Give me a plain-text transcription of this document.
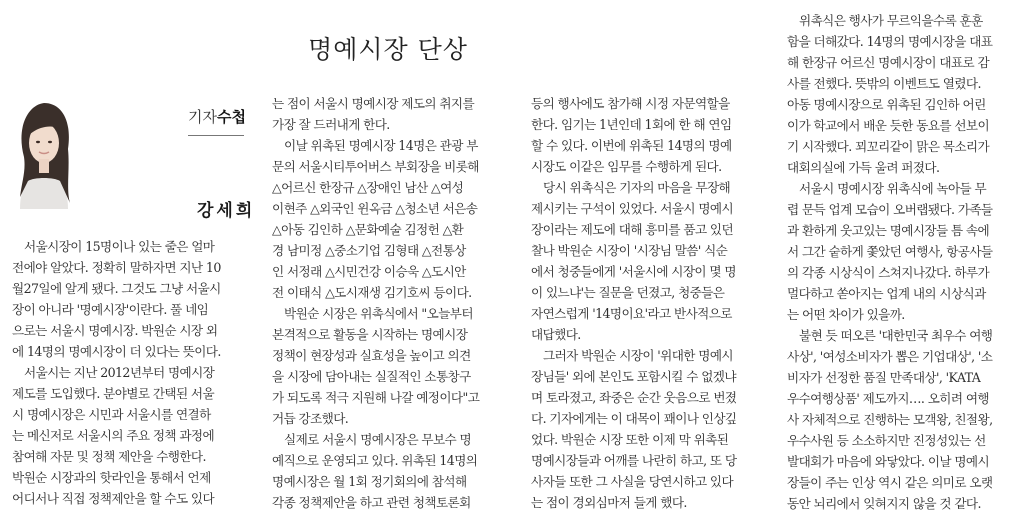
명예시장 단상
기자수첩
강세희
서울시장이 15명이나 있는 줄은 얼마
전에야 알았다. 정확히 말하자면 지난 10
월27일에 알게 됐다. 그것도 그냥 서울시
장이 아니라 '명예시장'이란다. 풀 네임
으로는 서울시 명예시장. 박원순 시장 외
에 14명의 명예시장이 더 있다는 뜻이다.
서울시는 지난 2012년부터 명예시장
제도를 도입했다. 분야별로 간택된 서울
시 명예시장은 시민과 서울시를 연결하
는 메신저로 서울시의 주요 정책 과정에
참여해 자문 및 정책 제안을 수행한다.
박원순 시장과의 핫라인을 통해서 언제
어디서나 직접 정책제안을 할 수도 있다
는 점이 서울시 명예시장 제도의 취지를
가장 잘 드러내게 한다.
이날 위촉된 명예시장 14명은 관광 부
문의 서울시티투어버스 부회장을 비롯해
△어르신 한장규 △장애인 남산 △여성
이현주 △외국인 윈옥금 △청소년 서은송
△아동 김인하 △문화예술 김정헌 △환
경 남미정 △중소기업 김형태 △전통상
인 서정래 △시민건강 이승욱 △도시안
전 이태식 △도시재생 김기호씨 등이다.
박원순 시장은 위촉식에서 "오늘부터
본격적으로 활동을 시작하는 명예시장
정책이 현장성과 실효성을 높이고 의견
을 시장에 담아내는 실질적인 소통창구
가 되도록 적극 지원해 나갈 예정이다"고
거듭 강조했다.
실제로 서울시 명예시장은 무보수 명
예직으로 운영되고 있다. 위촉된 14명의
명예시장은 월 1회 정기회의에 참석해
각종 정책제안을 하고 관련 청책토론회
등의 행사에도 참가해 시정 자문역할을
한다. 임기는 1년인데 1회에 한 해 연임
할 수 있다. 이번에 위촉된 14명의 명예
시장도 이같은 임무를 수행하게 된다.
당시 위촉식은 기자의 마음을 무장해
제시키는 구석이 있었다. 서울시 명예시
장이라는 제도에 대해 흥미를 품고 있던
찰나 박원순 시장이 '시장님 말씀' 식순
에서 청중들에게 '서울시에 시장이 몇 명
이 있느냐'는 질문을 던졌고, 청중들은
자연스럽게 '14명이요'라고 반사적으로
대답했다.
그러자 박원순 시장이 '위대한 명예시
장님들' 외에 본인도 포함시킬 수 없겠냐
며 토라졌고, 좌중은 순간 웃음으로 번졌
다. 기자에게는 이 대목이 꽤이나 인상깊
었다. 박원순 시장 또한 이제 막 위촉된
명예시장들과 어깨를 나란히 하고, 또 당
사자들 또한 그 사실을 당연시하고 있다
는 점이 경외심마저 들게 했다.
위촉식은 행사가 무르익을수록 훈훈
함을 더해갔다. 14명의 명예시장을 대표
해 한장규 어르신 명예시장이 대표로 감
사를 전했다. 뜻밖의 이벤트도 열렸다.
아동 명예시장으로 위촉된 김인하 어린
이가 학교에서 배운 듯한 동요를 선보이
기 시작했다. 꾀꼬리같이 맑은 목소리가
대회의실에 가득 울려 퍼졌다.
서울시 명예시장 위촉식에 녹아들 무
렵 문득 업계 모습이 오버랩됐다. 가족들
과 환하게 웃고있는 명예시장들 틈 속에
서 그간 숱하게 쫓았던 여행사, 항공사들
의 각종 시상식이 스쳐지나갔다. 하루가
멀다하고 쏟아지는 업계 내의 시상식과
는 어떤 차이가 있을까.
불현 듯 떠오른 '대한민국 최우수 여행
사상', '여성소비자가 뽑은 기업대상', '소
비자가 선정한 품질 만족대상', 'KATA
우수여행상품' 제도까지…. 오히려 여행
사 자체적으로 진행하는 모객왕, 친절왕,
우수사원 등 소소하지만 진정성있는 선
발대회가 마음에 와닿았다. 이날 명예시
장들이 주는 인상 역시 같은 의미로 오랫
동안 뇌리에서 잊혀지지 않을 것 같다.
